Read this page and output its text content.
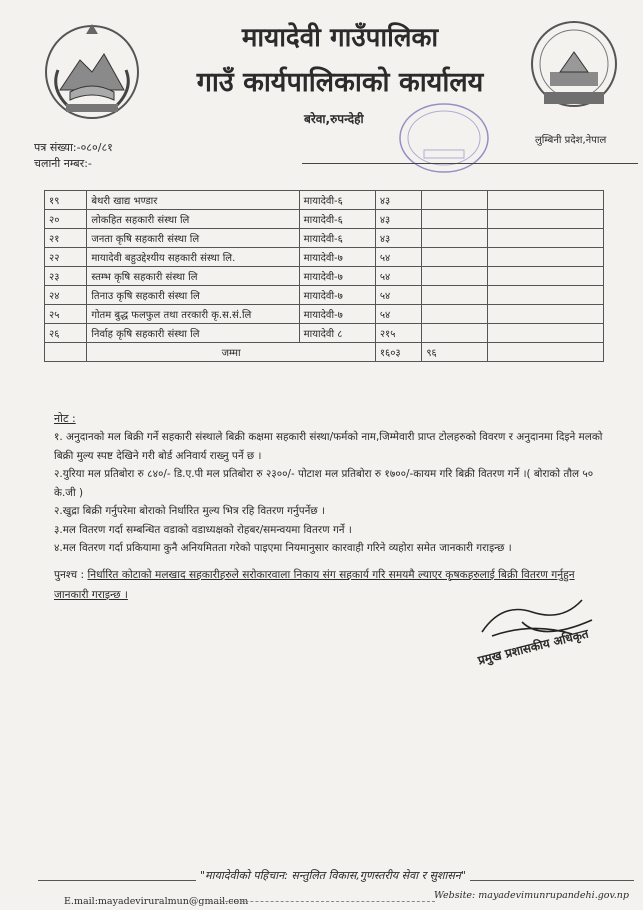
मायादेवी गाउँपालिका
गाउँ कार्यपालिकाको कार्यालय
बरेवा,रुपन्देही
लुम्बिनी प्रदेश,नेपाल
पत्र संख्या:-०८०/८१
चलानी नम्बर:-
१९	बेथरी खाद्य भण्डार	मायादेवी-६	४३		
२०	लोकहित सहकारी संस्था लि	मायादेवी-६	४३		
२१	जनता कृषि सहकारी संस्था लि	मायादेवी-६	४३		
२२	मायादेवी बहुउद्देश्यीय सहकारी संस्था लि.	मायादेवी-७	५४		
२३	स्तम्भ कृषि सहकारी संस्था लि	मायादेवी-७	५४		
२४	तिनाउ कृषि सहकारी संस्था लि	मायादेवी-७	५४		
२५	गोतम बुद्ध फलफुल तथा तरकारी कृ.स.सं.लि	मायादेवी-७	५४		
२६	निर्वाह कृषि सहकारी संस्था लि	मायादेवी ८	२१५		
	जम्मा		१६०३	९६	
नोट :

१. अनुदानको मल बिक्री गर्ने सहकारी संस्थाले बिक्री कक्षमा सहकारी संस्था/फर्मको नाम,जिम्मेवारी प्राप्त टोलहरुको विवरण र अनुदानमा दिइने मलको बिक्री मुल्य स्पष्ट देखिने गरी बोर्ड अनिवार्य राख्नु पर्ने छ ।

२.युरिया मल प्रतिबोरा रु ८४०/- डि.ए.पी मल प्रतिबोरा रु २३००/- पोटाश मल प्रतिबोरा रु १७००/-कायम गरि बिक्री वितरण गर्ने ।( बोराको तौल ५० के.जी )

२.खुद्रा बिक्री गर्नुपरेमा बोराको निर्धारित मुल्य भित्र रहि वितरण गर्नुपर्नेछ ।

३.मल वितरण गर्दा सम्बन्धित वडाको वडाध्यक्षको रोहबर/समन्वयमा वितरण गर्ने ।

४.मल वितरण गर्दा प्रकियामा कुनै अनियमितता गरेको पाइएमा नियमानुसार कारवाही गरिने व्यहोरा समेत जानकारी गराइन्छ ।

पुनश्च : निर्धारित कोटाको मलखाद सहकारीहरुले सरोकारवाला निकाय संग सहकार्य गरि समयमै ल्याएर कृषकहरुलाई बिक्री वितरण गर्नुहुन जानकारी गराइन्छ ।
प्रमुख प्रशासकीय अधिकृत
"मायादेवीको पहिचान: सन्तुलित विकास,गुणस्तरीय सेवा र सुशासन"
E.mail:mayadeviruralmun@gmail.com
Website: mayadevimunrupandehi.gov.np
